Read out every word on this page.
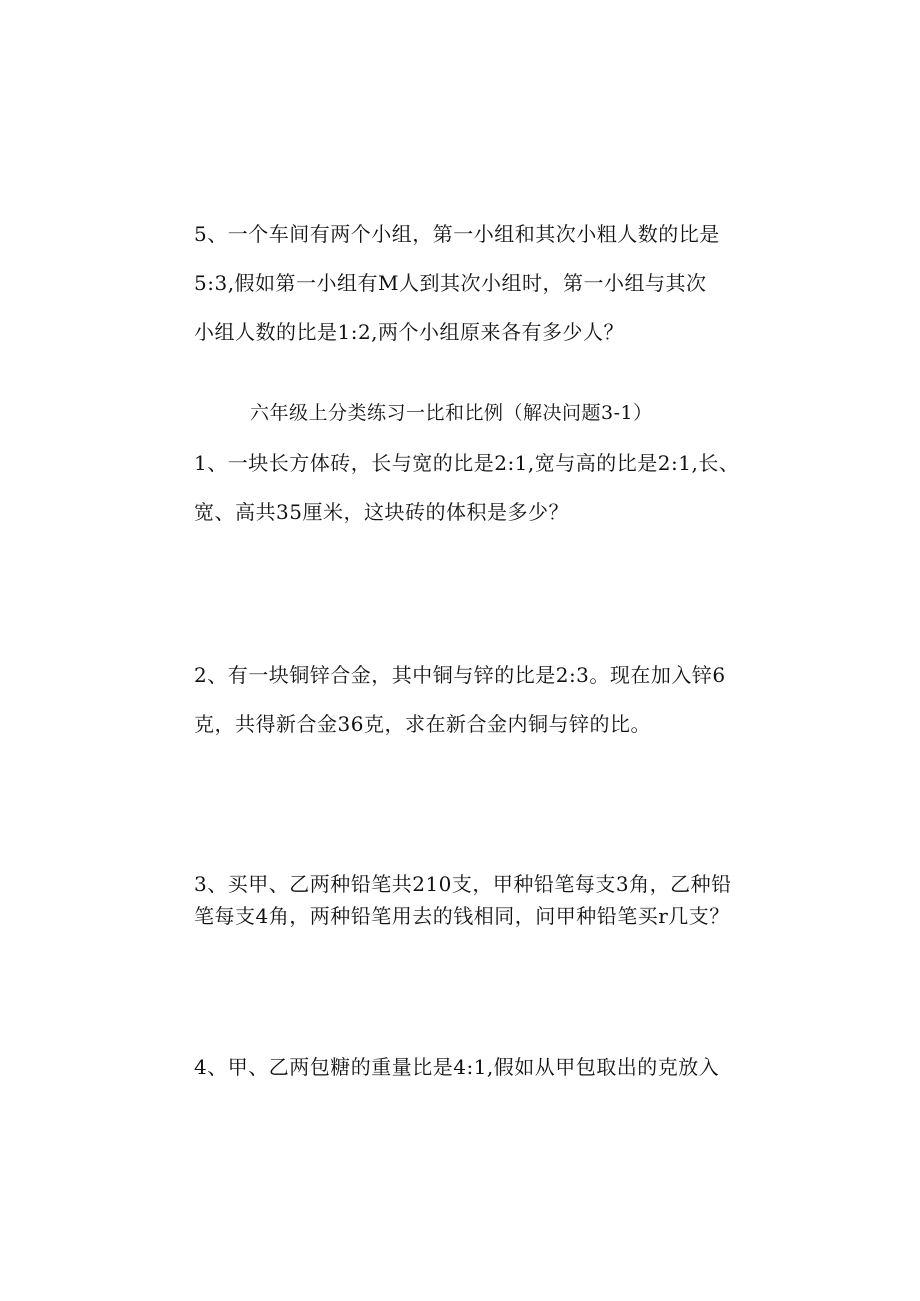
5、一个车间有两个小组，第一小组和其次小粗人数的比是
5:3,假如第一小组有M人到其次小组时，第一小组与其次
小组人数的比是1:2,两个小组原来各有多少人？
六年级上分类练习一比和比例（解决问题3-1）
1、一块长方体砖，长与宽的比是2:1,宽与高的比是2:1,长、
宽、高共35厘米，这块砖的体积是多少？
2、有一块铜锌合金，其中铜与锌的比是2:3。现在加入锌6
克，共得新合金36克，求在新合金内铜与锌的比。
3、买甲、乙两种铅笔共210支，甲种铅笔每支3角，乙种铅
笔每支4角，两种铅笔用去的钱相同，问甲种铅笔买r几支？
4、甲、乙两包糖的重量比是4:1,假如从甲包取出的克放入
